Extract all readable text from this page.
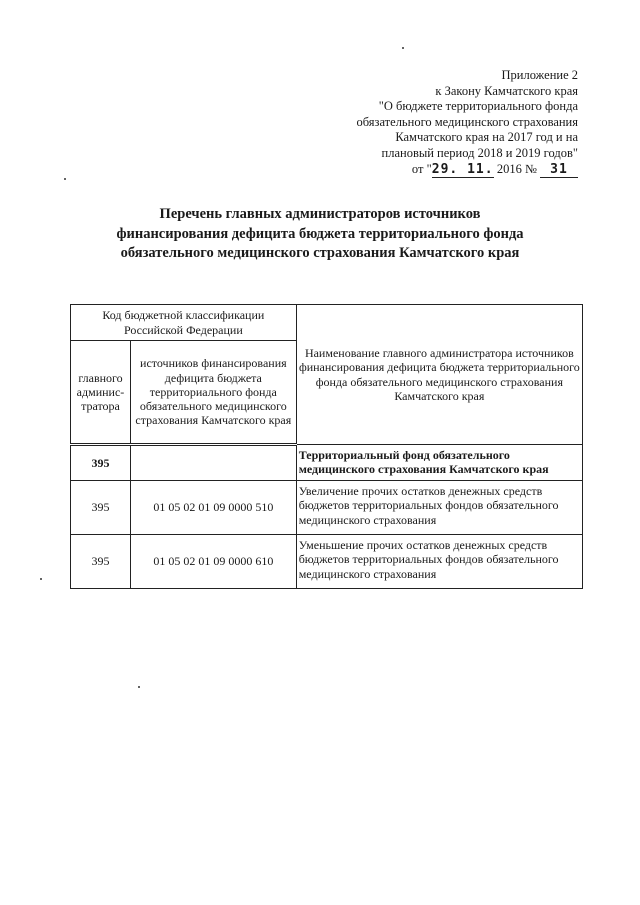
Приложение 2
к Закону Камчатского края
"О бюджете территориального фонда
обязательного медицинского страхования
Камчатского края на 2017 год и на
плановый период 2018 и 2019 годов"
от "29. 11. 2016 № 31
Перечень главных администраторов источников
финансирования дефицита бюджета территориального фонда
обязательного медицинского страхования Камчатского края
Код бюджетной классификации Российской Федерации		Наименование главного администратора источников финансирования дефицита бюджета территориального фонда обязательного медицинского страхования Камчатского края
главного админис-тратора	источников финансирования дефицита бюджета территориального фонда обязательного медицинского страхования Камчатского края	
395		Территориальный фонд обязательного медицинского страхования Камчатского края
395	01 05 02 01 09 0000 510	Увеличение прочих остатков денежных средств бюджетов территориальных фондов обязательного медицинского страхования
395	01 05 02 01 09 0000 610	Уменьшение прочих остатков денежных средств бюджетов территориальных фондов обязательного медицинского страхования
